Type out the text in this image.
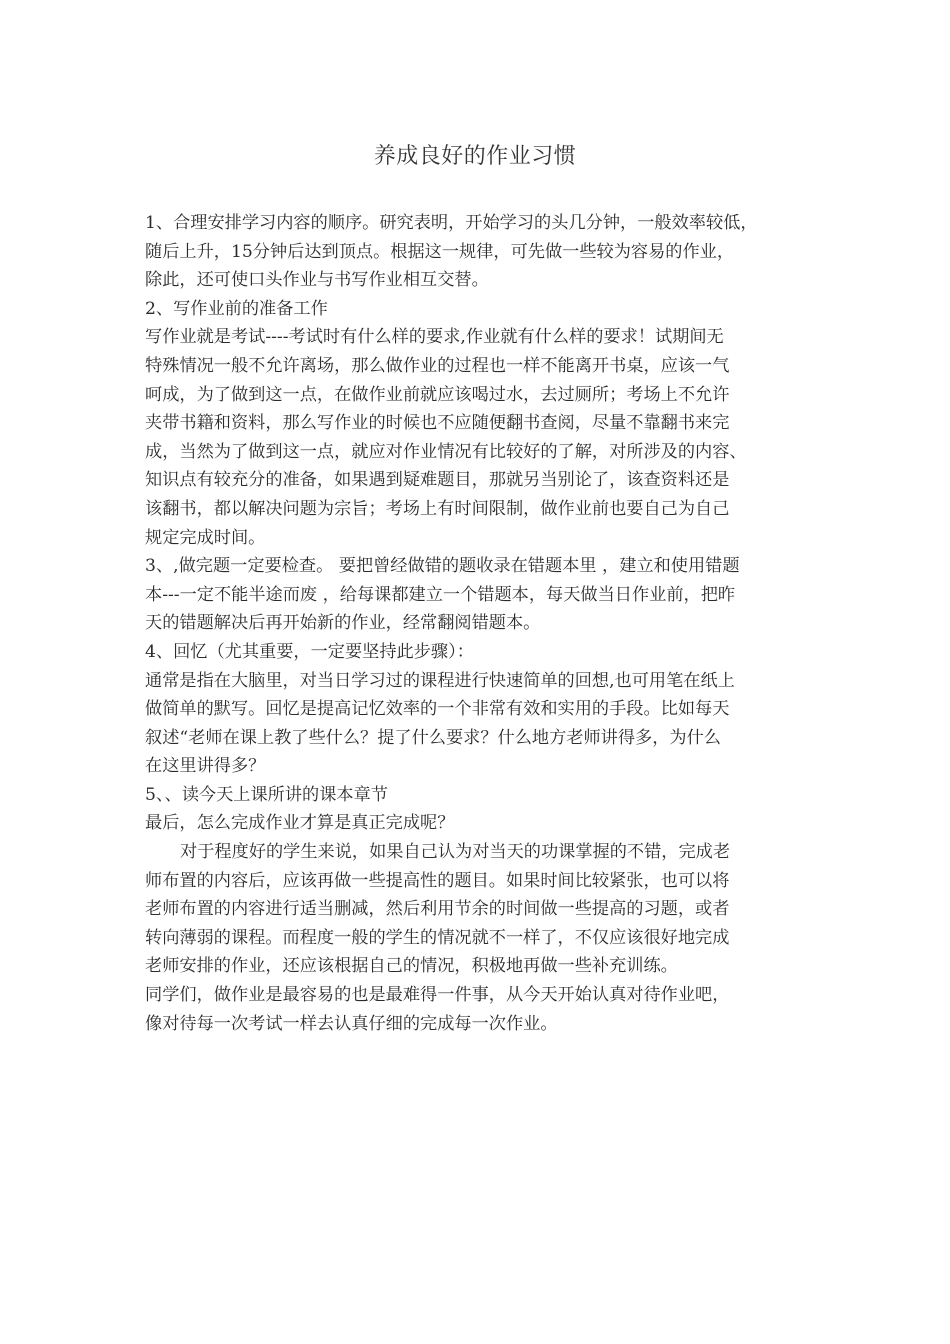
养成良好的作业习惯
1、合理安排学习内容的顺序。研究表明，开始学习的头几分钟，一般效率较低，
随后上升，15分钟后达到顶点。根据这一规律，可先做一些较为容易的作业，
除此，还可使口头作业与书写作业相互交替。
2、写作业前的准备工作
写作业就是考试----考试时有什么样的要求,作业就有什么样的要求！试期间无
特殊情况一般不允许离场，那么做作业的过程也一样不能离开书桌，应该一气
呵成，为了做到这一点，在做作业前就应该喝过水，去过厕所；考场上不允许
夹带书籍和资料，那么写作业的时候也不应随便翻书查阅，尽量不靠翻书来完
成，当然为了做到这一点，就应对作业情况有比较好的了解，对所涉及的内容、
知识点有较充分的准备，如果遇到疑难题目，那就另当别论了，该查资料还是
该翻书，都以解决问题为宗旨；考场上有时间限制，做作业前也要自己为自己
规定完成时间。
3、,做完题一定要检查。 要把曾经做错的题收录在错题本里 ，建立和使用错题
本---一定不能半途而废 ，给每课都建立一个错题本，每天做当日作业前，把昨
天的错题解决后再开始新的作业，经常翻阅错题本。
4、回忆（尤其重要，一定要坚持此步骤）：
通常是指在大脑里，对当日学习过的课程进行快速简单的回想,也可用笔在纸上
做简单的默写。回忆是提高记忆效率的一个非常有效和实用的手段。比如每天
叙述“老师在课上教了些什么？提了什么要求？什么地方老师讲得多，为什么
在这里讲得多？
5、、读今天上课所讲的课本章节
最后，怎么完成作业才算是真正完成呢？
对于程度好的学生来说，如果自己认为对当天的功课掌握的不错，完成老
师布置的内容后，应该再做一些提高性的题目。如果时间比较紧张，也可以将
老师布置的内容进行适当删减，然后利用节余的时间做一些提高的习题，或者
转向薄弱的课程。而程度一般的学生的情况就不一样了，不仅应该很好地完成
老师安排的作业，还应该根据自己的情况，积极地再做一些补充训练。
同学们，做作业是最容易的也是最难得一件事，从今天开始认真对待作业吧，
像对待每一次考试一样去认真仔细的完成每一次作业。
